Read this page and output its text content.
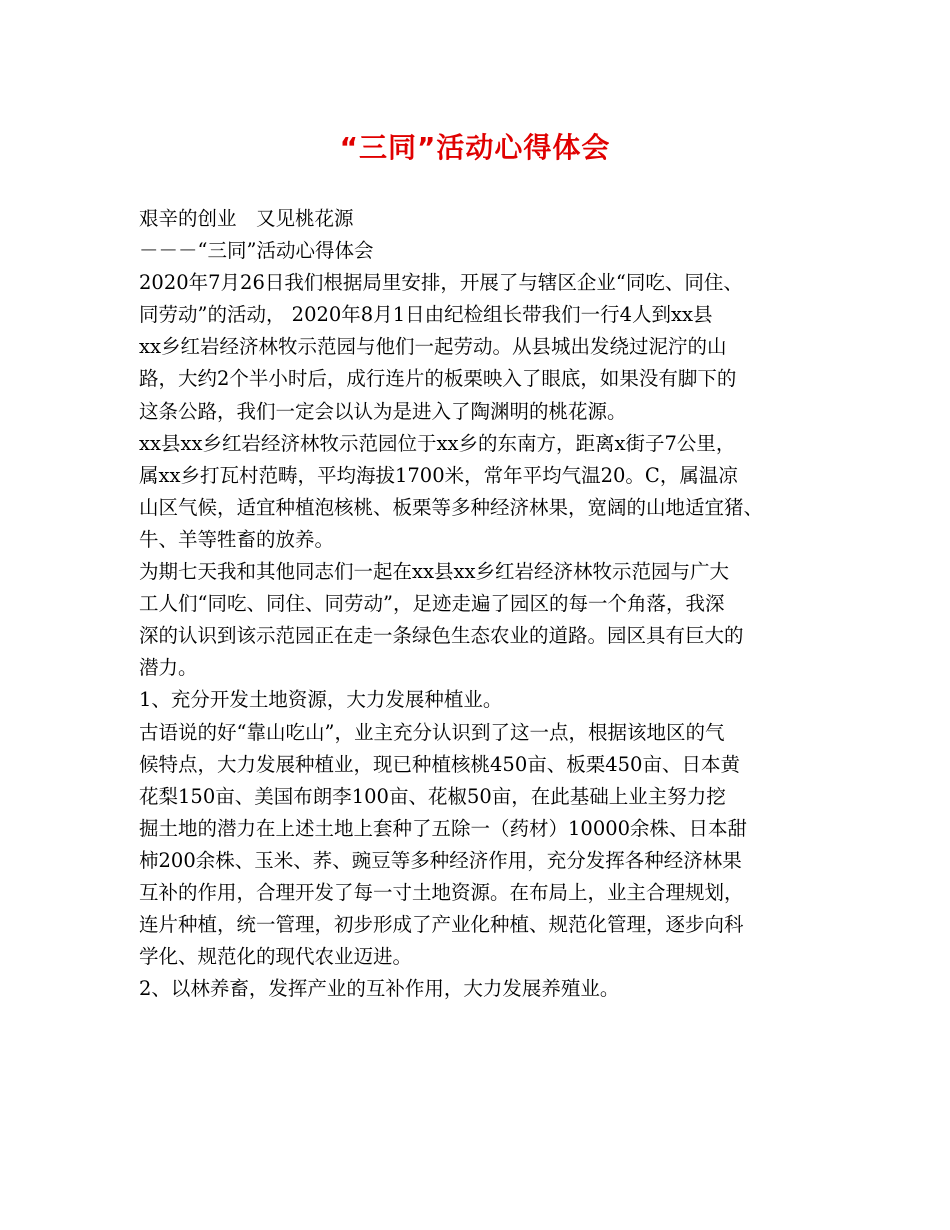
“三同”活动心得体会
艰辛的创业　又见桃花源
－－－“三同”活动心得体会
2020年7月26日我们根据局里安排，开展了与辖区企业“同吃、同住、
同劳动”的活动， 2020年8月1日由纪检组长带我们一行4人到xx县
xx乡红岩经济林牧示范园与他们一起劳动。从县城出发绕过泥泞的山
路，大约2个半小时后，成行连片的板栗映入了眼底，如果没有脚下的
这条公路，我们一定会以认为是进入了陶渊明的桃花源。
xx县xx乡红岩经济林牧示范园位于xx乡的东南方，距离x街子7公里，
属xx乡打瓦村范畴，平均海拔1700米，常年平均气温20。C，属温凉
山区气候，适宜种植泡核桃、板栗等多种经济林果，宽阔的山地适宜猪、
牛、羊等牲畜的放养。
为期七天我和其他同志们一起在xx县xx乡红岩经济林牧示范园与广大
工人们“同吃、同住、同劳动”，足迹走遍了园区的每一个角落，我深
深的认识到该示范园正在走一条绿色生态农业的道路。园区具有巨大的
潜力。
1、充分开发土地资源，大力发展种植业。
古语说的好“靠山吃山”，业主充分认识到了这一点，根据该地区的气
候特点，大力发展种植业，现已种植核桃450亩、板栗450亩、日本黄
花梨150亩、美国布朗李100亩、花椒50亩，在此基础上业主努力挖
掘土地的潜力在上述土地上套种了五除一（药材）10000余株、日本甜
柿200余株、玉米、荞、豌豆等多种经济作用，充分发挥各种经济林果
互补的作用，合理开发了每一寸土地资源。在布局上，业主合理规划，
连片种植，统一管理，初步形成了产业化种植、规范化管理，逐步向科
学化、规范化的现代农业迈进。
2、以林养畜，发挥产业的互补作用，大力发展养殖业。
